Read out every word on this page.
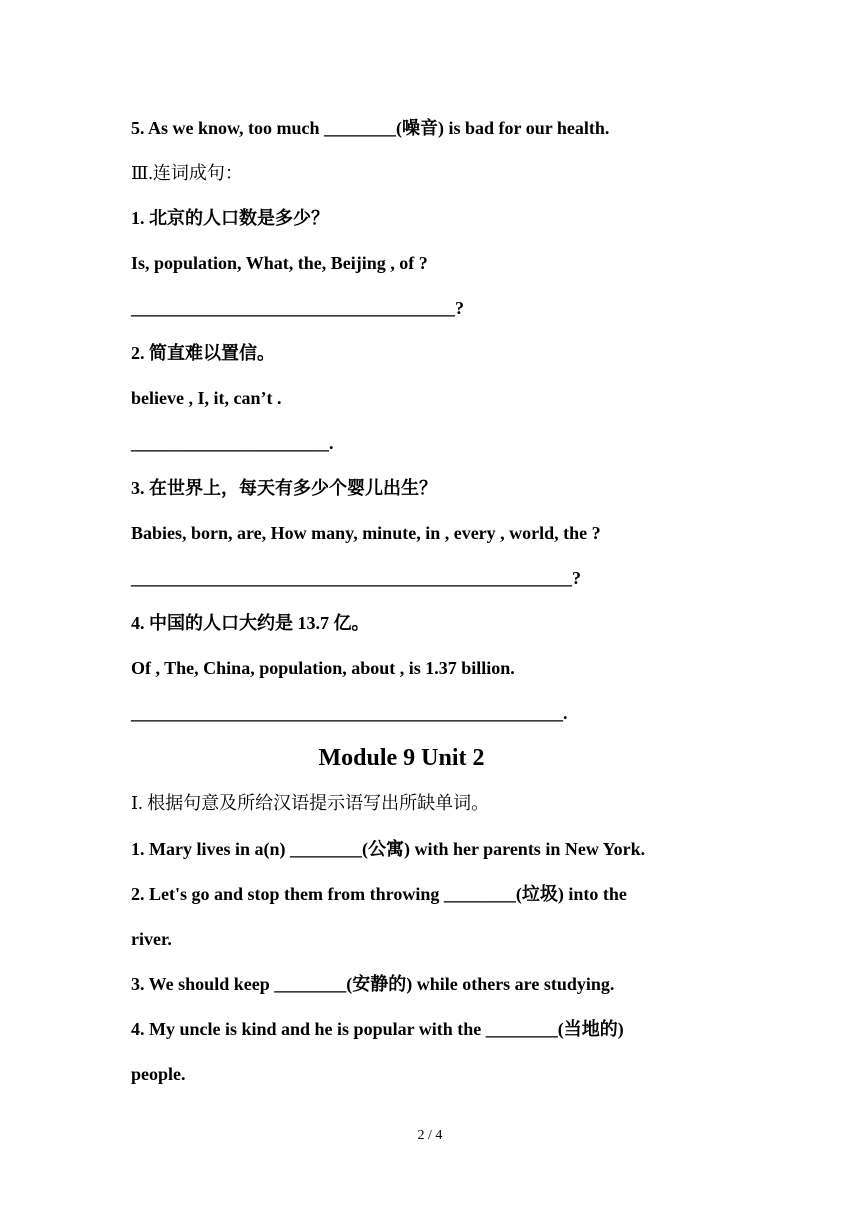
5. As we know, too much ________(噪音) is bad for our health.
Ⅲ.连词成句：
1. 北京的人口数是多少？
Is, population, What, the, Beijing , of ?
____________________________________?
2. 简直难以置信。
believe , I, it, can’t .
______________________.
3. 在世界上，每天有多少个婴儿出生？
Babies, born, are, How many, minute, in , every , world, the ?
_________________________________________________?
4. 中国的人口大约是 13.7 亿。
Of , The, China, population, about , is 1.37 billion.
________________________________________________.
Module 9 Unit 2
Ⅰ. 根据句意及所给汉语提示语写出所缺单词。
1. Mary lives in a(n) ________(公寓) with her parents in New York.
2. Let's go and stop them from throwing ________(垃圾) into the
river.
3. We should keep ________(安静的) while others are studying.
4. My uncle is kind and he is popular with the ________(当地的)
people.
2 / 4
